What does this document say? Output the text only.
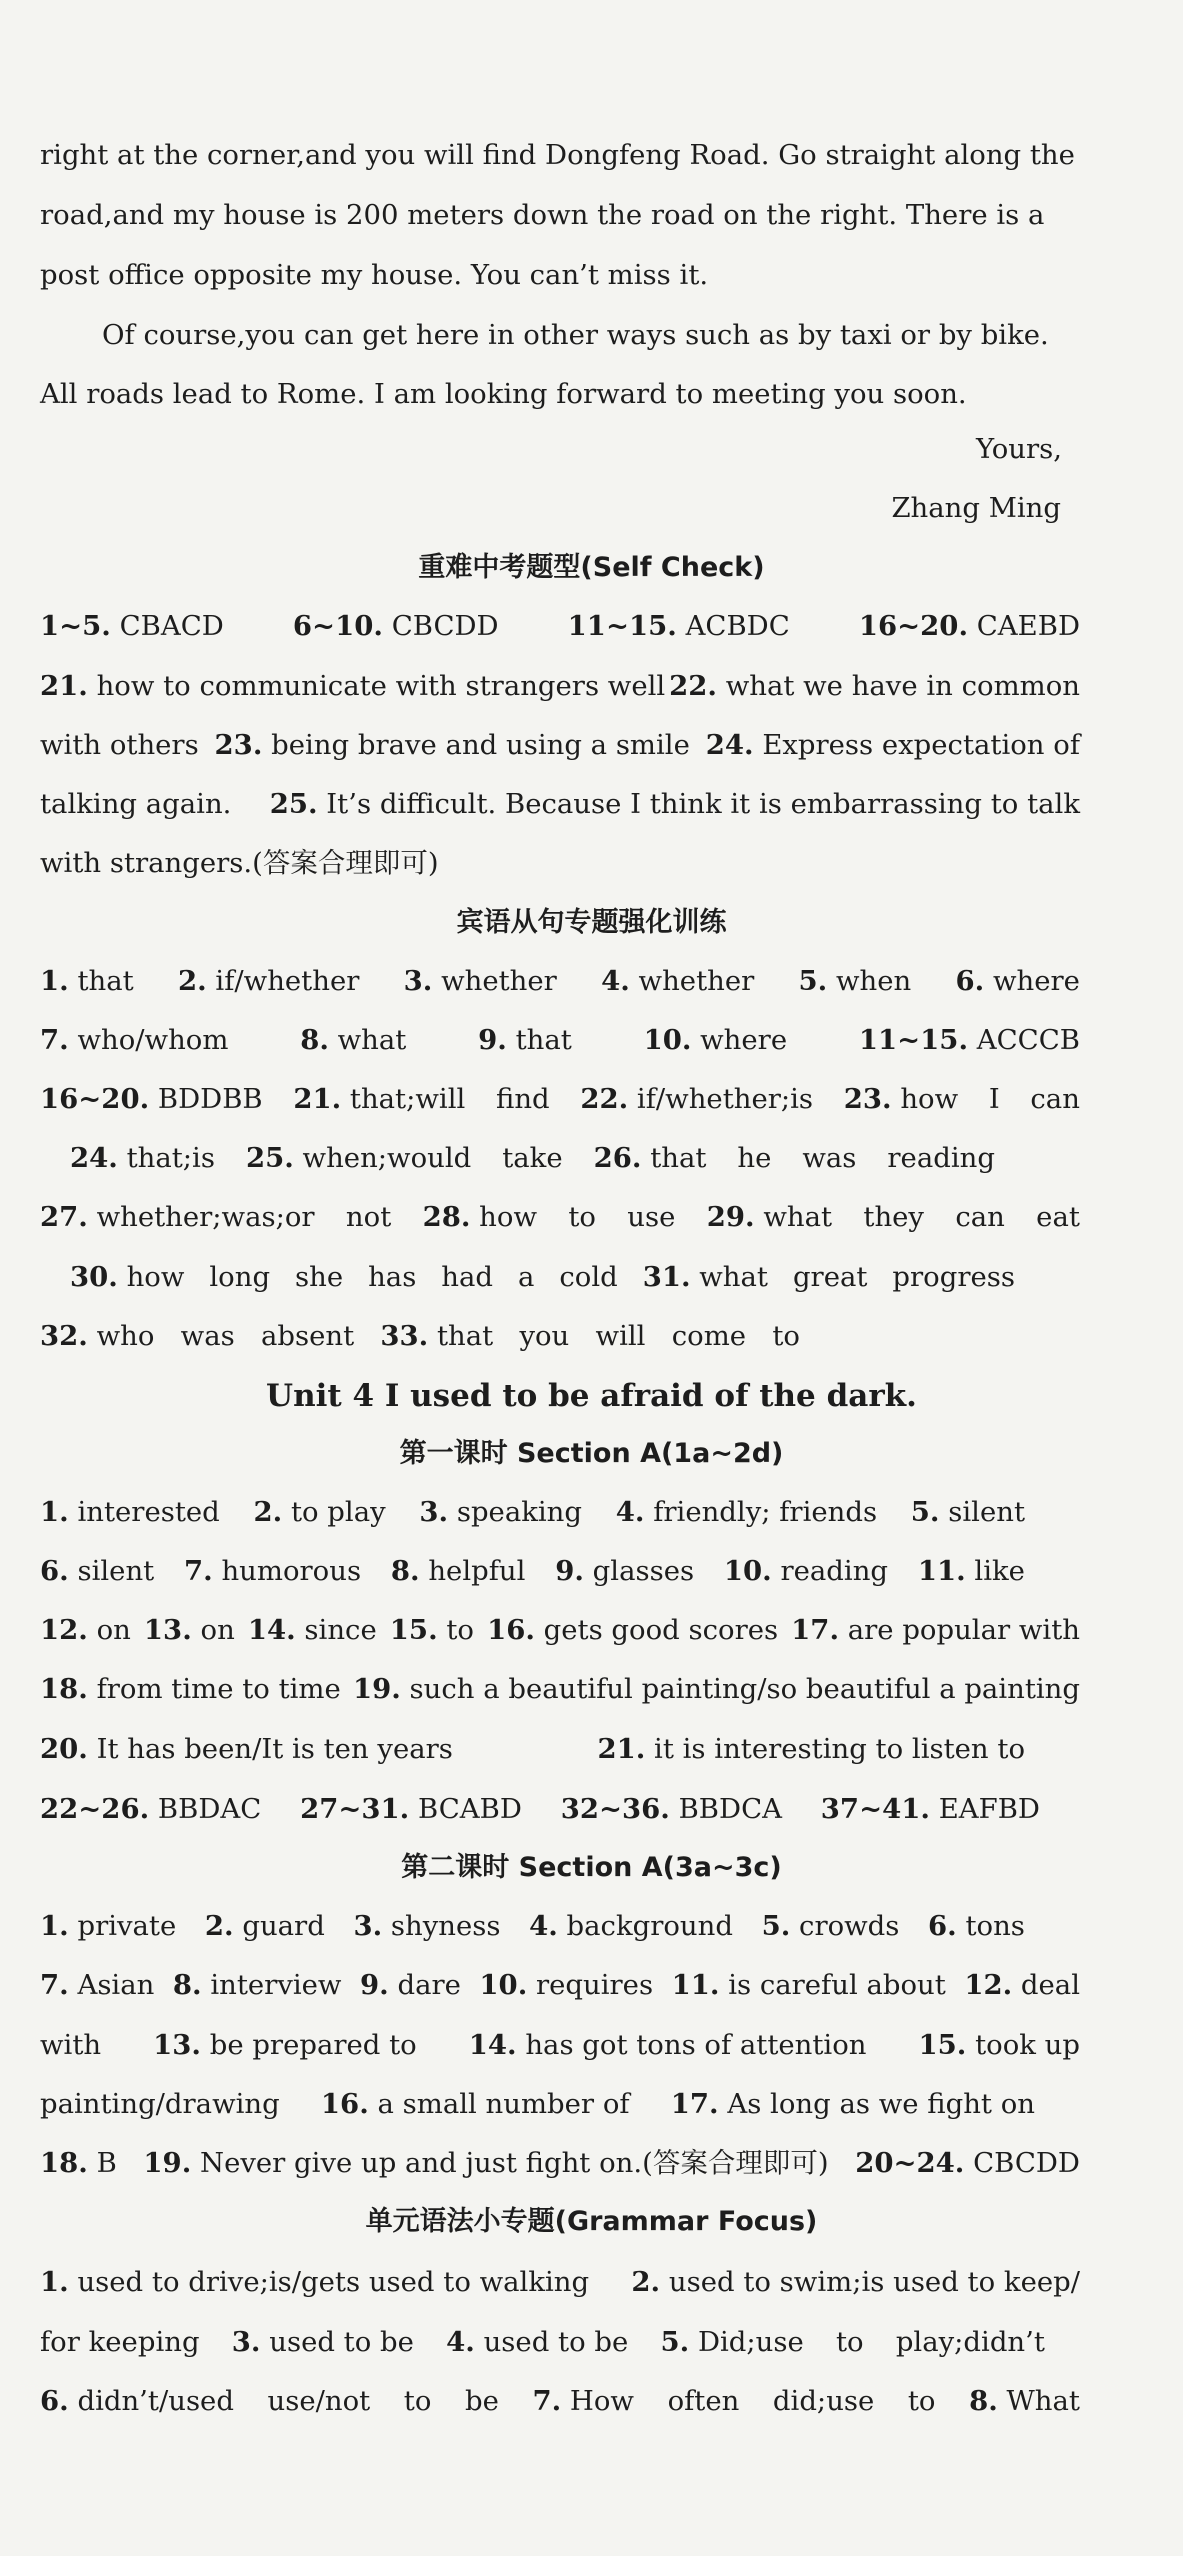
right at the corner,and you will find Dongfeng Road. Go straight along the
road,and my house is 200 meters down the road on the right. There is a
post office opposite my house. You can’t miss it.
Of course,you can get here in other ways such as by taxi or by bike.
All roads lead to Rome. I am looking forward to meeting you soon.
Yours,
Zhang Ming
重难中考题型(Self Check)
1~5. CBACD	6~10. CBCDD	11~15. ACBDC	16~20. CAEBD
21. how to communicate with strangers well 22. what we have in common
with others 23. being brave and using a smile 24. Express expectation of
talking again. 25. It’s difficult. Because I think it is embarrassing to talk
with strangers.(答案合理即可)
宾语从句专题强化训练
1. that 2. if/whether 3. whether 4. whether 5. when 6. where
7. who/whom	8. what	9. that	10. where	11~15. ACCCB
16~20. BDDBB 21. that;will find 22. if/whether;is 23. how I can
24. that;is 25. when;would take 26. that he was reading
27. whether;was;or not 28. how to use 29. what they can eat
30. how long she has had a cold 31. what great progress
32. who was absent 33. that you will come to
Unit 4 I used to be afraid of the dark.
第一课时 Section A(1a~2d)
1. interested 2. to play 3. speaking 4. friendly; friends 5. silent
6. silent 7. humorous 8. helpful 9. glasses 10. reading 11. like
12. on 13. on 14. since 15. to 16. gets good scores 17. are popular with
18. from time to time 19. such a beautiful painting/so beautiful a painting
20. It has been/It is ten years	21. it is interesting to listen to
22~26. BBDAC 27~31. BCABD 32~36. BBDCA 37~41. EAFBD
第二课时 Section A(3a~3c)
1. private 2. guard 3. shyness 4. background 5. crowds 6. tons
7. Asian 8. interview 9. dare 10. requires 11. is careful about 12. deal
with 13. be prepared to 14. has got tons of attention 15. took up
painting/drawing 16. a small number of 17. As long as we fight on
18. B 19. Never give up and just fight on.(答案合理即可) 20~24. CBCDD
单元语法小专题(Grammar Focus)
1. used to drive;is/gets used to walking 2. used to swim;is used to keep/
for keeping 3. used to be 4. used to be 5. Did;use to play;didn’t
6. didn’t/used use/not to be 7. How often did;use to 8. What
